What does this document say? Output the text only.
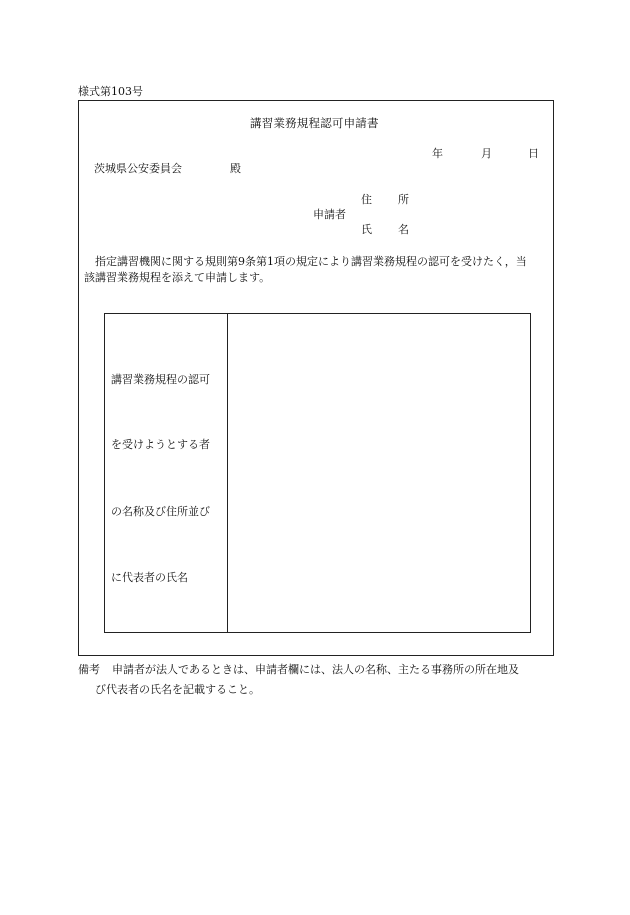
様式第103号
講習業務規程認可申請書
年	月	日
茨城県公安委員会	殿
住 所
申請者
氏 名
指定講習機関に関する規則第9条第1項の規定により講習業務規程の認可を受けたく，当
該講習業務規程を添えて申請します。
講習業務規程の認可
を受けようとする者
の名称及び住所並び
に代表者の氏名
備考 申請者が法人であるときは、申請者欄には、法人の名称、主たる事務所の所在地及
び代表者の氏名を記載すること。
